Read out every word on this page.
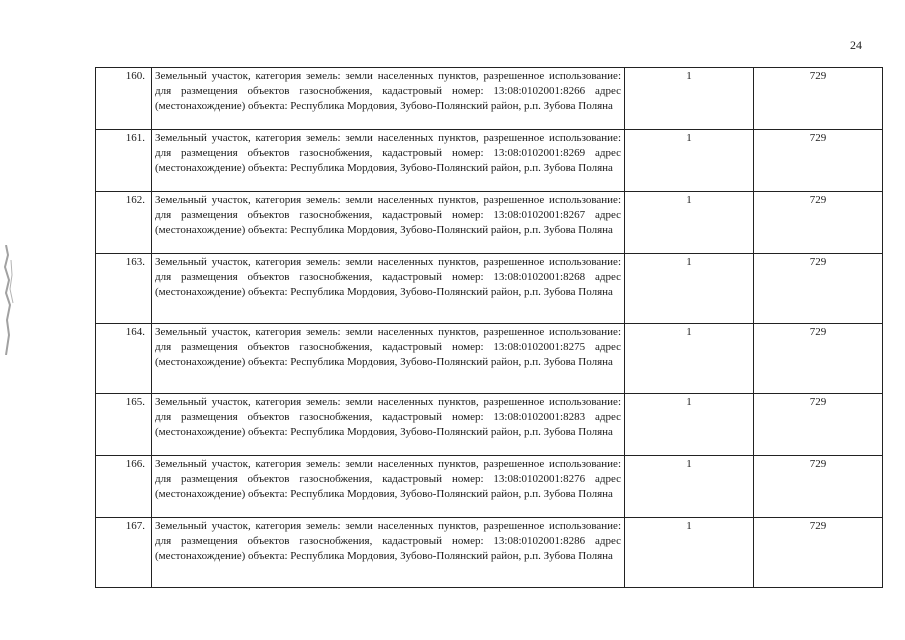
24
160.	Земельный участок, категория земель: земли населенных пунктов, разрешенное использование: для размещения объектов газоснобжения, кадастровый номер: 13:08:0102001:8266 адрес (местонахождение) объекта: Республика Мордовия, Зубово-Полянский район, р.п. Зубова Поляна	1	729
161.	Земельный участок, категория земель: земли населенных пунктов, разрешенное использование: для размещения объектов газоснобжения, кадастровый номер: 13:08:0102001:8269 адрес (местонахождение) объекта: Республика Мордовия, Зубово-Полянский район, р.п. Зубова Поляна	1	729
162.	Земельный участок, категория земель: земли населенных пунктов, разрешенное использование: для размещения объектов газоснобжения, кадастровый номер: 13:08:0102001:8267 адрес (местонахождение) объекта: Республика Мордовия, Зубово-Полянский район, р.п. Зубова Поляна	1	729
163.	Земельный участок, категория земель: земли населенных пунктов, разрешенное использование: для размещения объектов газоснобжения, кадастровый номер: 13:08:0102001:8268 адрес (местонахождение) объекта: Республика Мордовия, Зубово-Полянский район, р.п. Зубова Поляна	1	729
164.	Земельный участок, категория земель: земли населенных пунктов, разрешенное использование: для размещения объектов газоснобжения, кадастровый номер: 13:08:0102001:8275 адрес (местонахождение) объекта: Республика Мордовия, Зубово-Полянский район, р.п. Зубова Поляна	1	729
165.	Земельный участок, категория земель: земли населенных пунктов, разрешенное использование: для размещения объектов газоснобжения, кадастровый номер: 13:08:0102001:8283 адрес (местонахождение) объекта: Республика Мордовия, Зубово-Полянский район, р.п. Зубова Поляна	1	729
166.	Земельный участок, категория земель: земли населенных пунктов, разрешенное использование: для размещения объектов газоснобжения, кадастровый номер: 13:08:0102001:8276 адрес (местонахождение) объекта: Республика Мордовия, Зубово-Полянский район, р.п. Зубова Поляна	1	729
167.	Земельный участок, категория земель: земли населенных пунктов, разрешенное использование: для размещения объектов газоснобжения, кадастровый номер: 13:08:0102001:8286 адрес (местонахождение) объекта: Республика Мордовия, Зубово-Полянский район, р.п. Зубова Поляна	1	729
